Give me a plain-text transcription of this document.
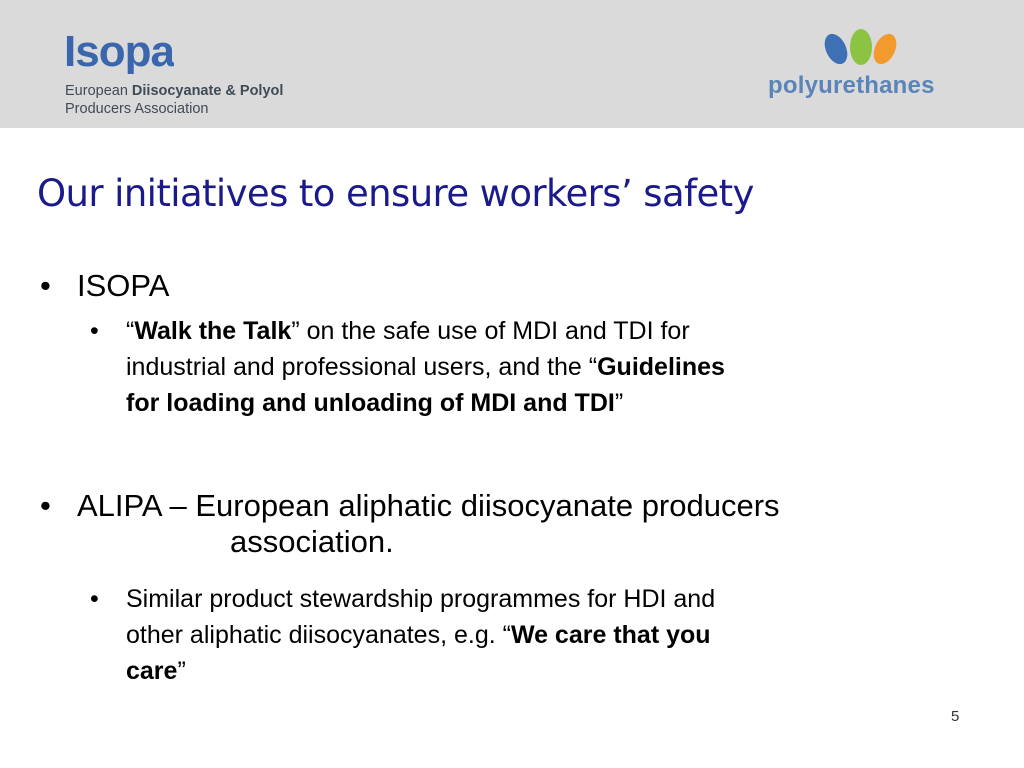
Isopa
European Diisocyanate & Polyol
Producers Association
polyurethanes
Our initiatives to ensure workers’ safety
• ISOPA
• “Walk the Talk” on the safe use of MDI and TDI for
industrial and professional users, and the “Guidelines
for loading and unloading of MDI and TDI”
• ALIPA – European aliphatic diisocyanate producers
association.
• Similar product stewardship programmes for HDI and
other aliphatic diisocyanates, e.g. “We care that you
care”
5
